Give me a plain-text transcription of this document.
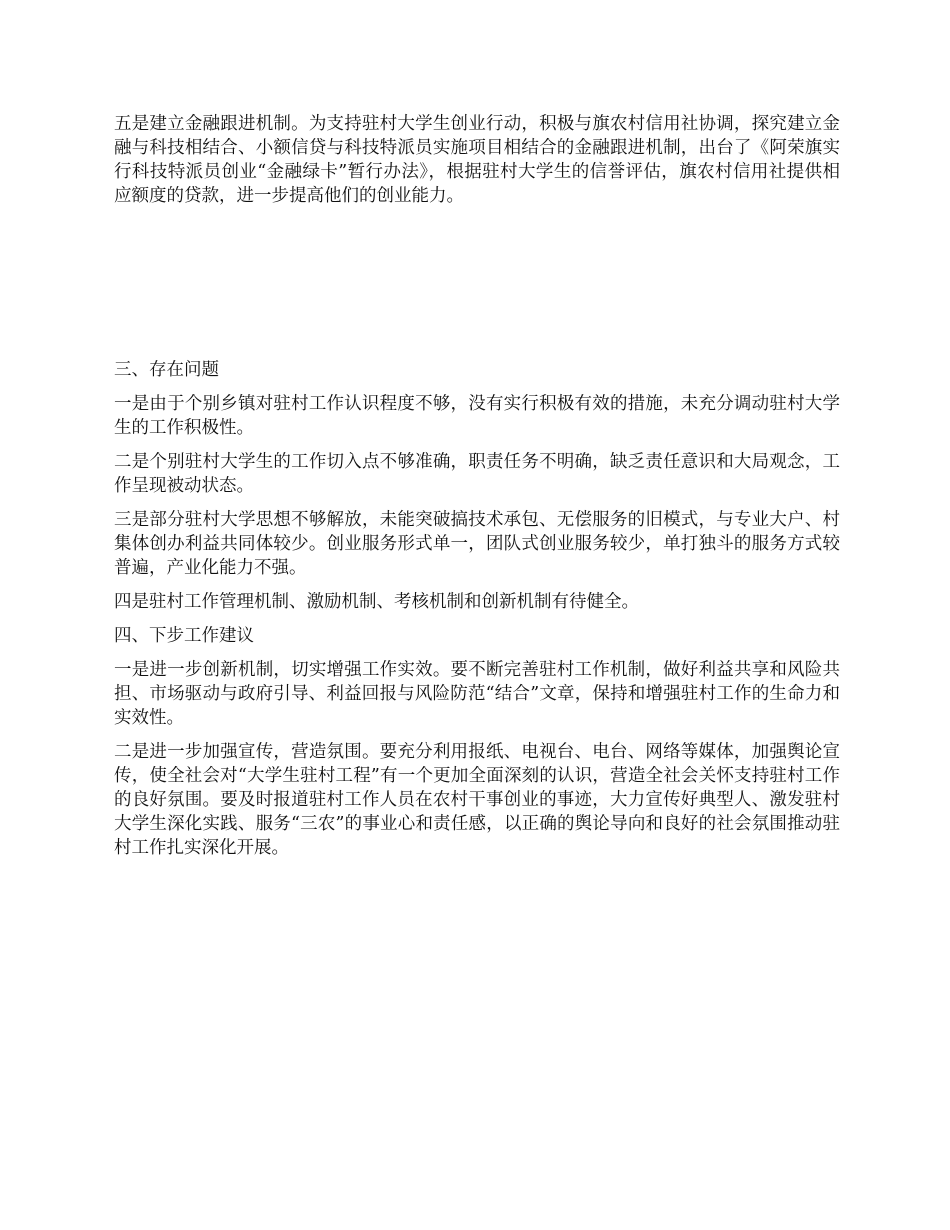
五是建立金融跟进机制。为支持驻村大学生创业行动，积极与旗农村信用社协调，探究建立金融与科技相结合、小额信贷与科技特派员实施项目相结合的金融跟进机制，出台了《阿荣旗实行科技特派员创业“金融绿卡”暂行办法》，根据驻村大学生的信誉评估，旗农村信用社提供相应额度的贷款，进一步提高他们的创业能力。

三、存在问题

一是由于个别乡镇对驻村工作认识程度不够，没有实行积极有效的措施，未充分调动驻村大学生的工作积极性。

二是个别驻村大学生的工作切入点不够准确，职责任务不明确，缺乏责任意识和大局观念，工作呈现被动状态。

三是部分驻村大学思想不够解放，未能突破搞技术承包、无偿服务的旧模式，与专业大户、村集体创办利益共同体较少。创业服务形式单一，团队式创业服务较少，单打独斗的服务方式较普遍，产业化能力不强。

四是驻村工作管理机制、激励机制、考核机制和创新机制有待健全。

四、下步工作建议

一是进一步创新机制，切实增强工作实效。要不断完善驻村工作机制，做好利益共享和风险共担、市场驱动与政府引导、利益回报与风险防范“结合”文章，保持和增强驻村工作的生命力和实效性。

二是进一步加强宣传，营造氛围。要充分利用报纸、电视台、电台、网络等媒体，加强舆论宣传，使全社会对“大学生驻村工程”有一个更加全面深刻的认识，营造全社会关怀支持驻村工作的良好氛围。要及时报道驻村工作人员在农村干事创业的事迹，大力宣传好典型人、激发驻村大学生深化实践、服务“三农”的事业心和责任感，以正确的舆论导向和良好的社会氛围推动驻村工作扎实深化开展。
